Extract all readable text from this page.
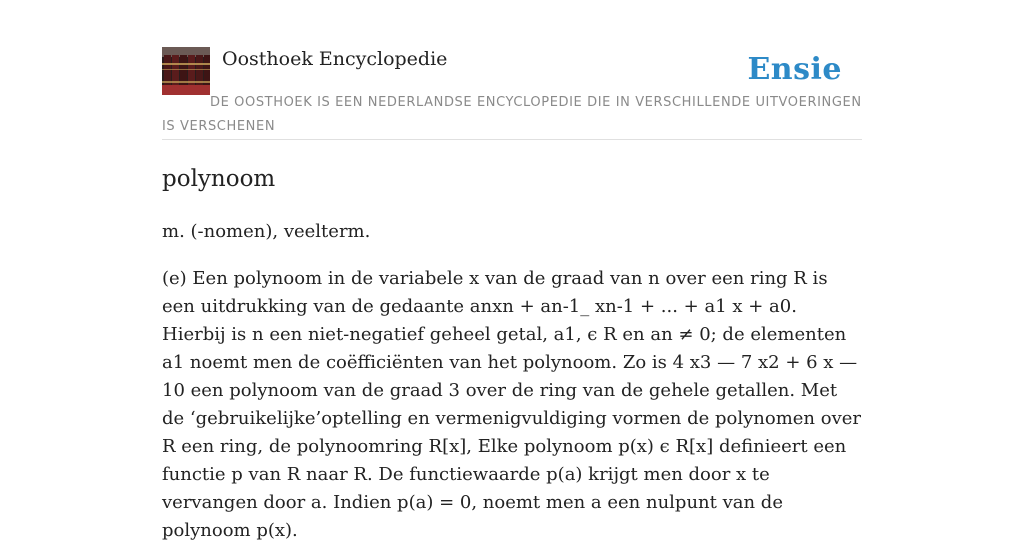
Oosthoek Encyclopedie	Ensie
DE OOSTHOEK IS EEN NEDERLANDSE ENCYCLOPEDIE DIE IN VERSCHILLENDE UITVOERINGEN IS VERSCHENEN
polynoom

m. (-nomen), veelterm.

(e) Een polynoom in de variabele x van de graad van n over een ring R is een uitdrukking van de gedaante anxn + an-1_ xn-1 + ... + a1 x + a0. Hierbij is n een niet-negatief geheel getal, a1, ϵ R en an ≠ 0; de elementen a1 noemt men de coëfficiënten van het polynoom. Zo is 4 x3 — 7 x2 + 6 x — 10 een polynoom van de graad 3 over de ring van de gehele getallen. Met de ‘gebruikelijke’optelling en vermenigvuldiging vormen de polynomen over R een ring, de polynoomring R[x], Elke polynoom p(x) ϵ R[x] definieert een functie p van R naar R. De functiewaarde p(a) krijgt men door x te vervangen door a. Indien p(a) = 0, noemt men a een nulpunt van de polynoom p(x).
